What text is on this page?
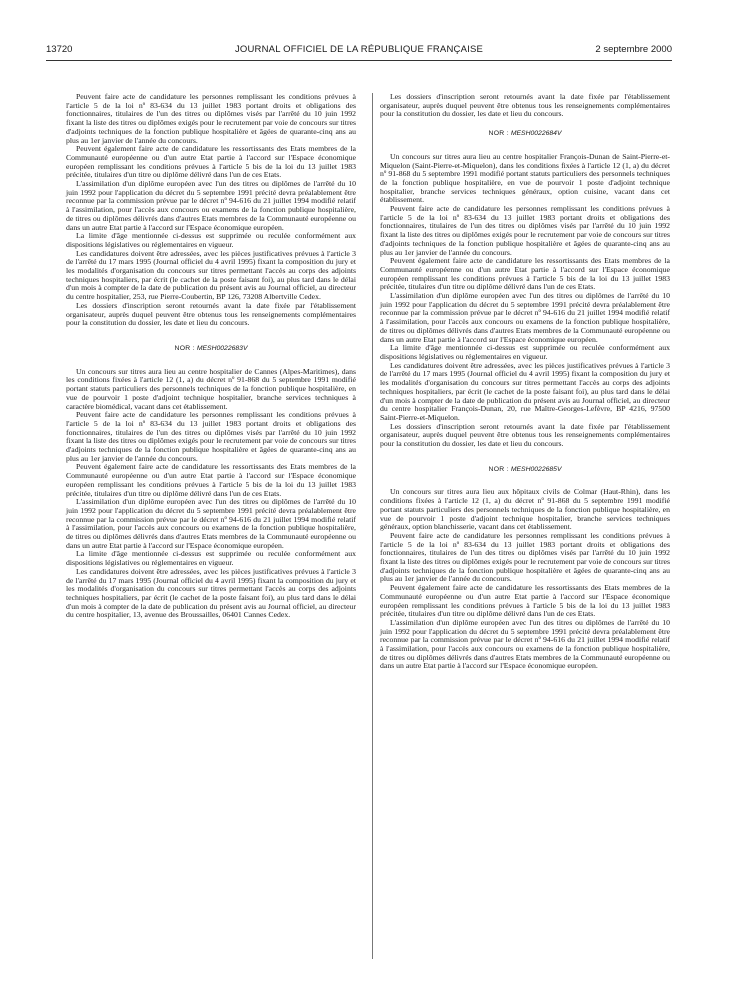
13720	JOURNAL OFFICIEL DE LA RÉPUBLIQUE FRANÇAISE	2 septembre 2000

Peuvent faire acte de candidature les personnes remplissant les conditions prévues à l'article 5 de la loi nº 83-634 du 13 juillet 1983 portant droits et obligations des fonctionnaires, titulaires de l'un des titres ou diplômes visés par l'arrêté du 10 juin 1992 fixant la liste des titres ou diplômes exigés pour le recrutement par voie de concours sur titres d'adjoints techniques de la fonction publique hospitalière et âgées de quarante-cinq ans au plus au 1er janvier de l'année du concours.

Peuvent également faire acte de candidature les ressortissants des Etats membres de la Communauté européenne ou d'un autre Etat partie à l'accord sur l'Espace économique européen remplissant les conditions prévues à l'article 5 bis de la loi du 13 juillet 1983 précitée, titulaires d'un titre ou diplôme délivré dans l'un de ces Etats.

L'assimilation d'un diplôme européen avec l'un des titres ou diplômes de l'arrêté du 10 juin 1992 pour l'application du décret du 5 septembre 1991 précité devra préalablement être reconnue par la commission prévue par le décret nº 94-616 du 21 juillet 1994 modifié relatif à l'assimilation, pour l'accès aux concours ou examens de la fonction publique hospitalière, de titres ou diplômes délivrés dans d'autres Etats membres de la Communauté européenne ou dans un autre Etat partie à l'accord sur l'Espace économique européen.

La limite d'âge mentionnée ci-dessus est supprimée ou reculée conformément aux dispositions législatives ou réglementaires en vigueur.

Les candidatures doivent être adressées, avec les pièces justificatives prévues à l'article 3 de l'arrêté du 17 mars 1995 (Journal officiel du 4 avril 1995) fixant la composition du jury et les modalités d'organisation du concours sur titres permettant l'accès au corps des adjoints techniques hospitaliers, par écrit (le cachet de la poste faisant foi), au plus tard dans le délai d'un mois à compter de la date de publication du présent avis au Journal officiel, au directeur du centre hospitalier, 253, rue Pierre-Coubertin, BP 126, 73208 Albertville Cedex.

Les dossiers d'inscription seront retournés avant la date fixée par l'établissement organisateur, auprès duquel peuvent être obtenus tous les renseignements complémentaires pour la constitution du dossier, les date et lieu du concours.

NOR : MESH0022683V

Un concours sur titres aura lieu au centre hospitalier de Cannes (Alpes-Maritimes), dans les conditions fixées à l'article 12 (1, a) du décret nº 91-868 du 5 septembre 1991 modifié portant statuts particuliers des personnels techniques de la fonction publique hospitalière, en vue de pourvoir 1 poste d'adjoint technique hospitalier, branche services techniques à caractère biomédical, vacant dans cet établissement.

Peuvent faire acte de candidature les personnes remplissant les conditions prévues à l'article 5 de la loi nº 83-634 du 13 juillet 1983 portant droits et obligations des fonctionnaires, titulaires de l'un des titres ou diplômes visés par l'arrêté du 10 juin 1992 fixant la liste des titres ou diplômes exigés pour le recrutement par voie de concours sur titres d'adjoints techniques de la fonction publique hospitalière et âgées de quarante-cinq ans au plus au 1er janvier de l'année du concours.

Peuvent également faire acte de candidature les ressortissants des Etats membres de la Communauté européenne ou d'un autre Etat partie à l'accord sur l'Espace économique européen remplissant les conditions prévues à l'article 5 bis de la loi du 13 juillet 1983 précitée, titulaires d'un titre ou diplôme délivré dans l'un de ces Etats.

L'assimilation d'un diplôme européen avec l'un des titres ou diplômes de l'arrêté du 10 juin 1992 pour l'application du décret du 5 septembre 1991 précité devra préalablement être reconnue par la commission prévue par le décret nº 94-616 du 21 juillet 1994 modifié relatif à l'assimilation, pour l'accès aux concours ou examens de la fonction publique hospitalière, de titres ou diplômes délivrés dans d'autres Etats membres de la Communauté européenne ou dans un autre Etat partie à l'accord sur l'Espace économique européen.

La limite d'âge mentionnée ci-dessus est supprimée ou reculée conformément aux dispositions législatives ou réglementaires en vigueur.

Les candidatures doivent être adressées, avec les pièces justificatives prévues à l'article 3 de l'arrêté du 17 mars 1995 (Journal officiel du 4 avril 1995) fixant la composition du jury et les modalités d'organisation du concours sur titres permettant l'accès au corps des adjoints techniques hospitaliers, par écrit (le cachet de la poste faisant foi), au plus tard dans le délai d'un mois à compter de la date de publication du présent avis au Journal officiel, au directeur du centre hospitalier, 13, avenue des Broussailles, 06401 Cannes Cedex.

Les dossiers d'inscription seront retournés avant la date fixée par l'établissement organisateur, auprès duquel peuvent être obtenus tous les renseignements complémentaires pour la constitution du dossier, les date et lieu du concours.

NOR : MESH0022684V

Un concours sur titres aura lieu au centre hospitalier François-Dunan de Saint-Pierre-et-Miquelon (Saint-Pierre-et-Miquelon), dans les conditions fixées à l'article 12 (1, a) du décret nº 91-868 du 5 septembre 1991 modifié portant statuts particuliers des personnels techniques de la fonction publique hospitalière, en vue de pourvoir 1 poste d'adjoint technique hospitalier, branche services techniques généraux, option cuisine, vacant dans cet établissement.

Peuvent faire acte de candidature les personnes remplissant les conditions prévues à l'article 5 de la loi nº 83-634 du 13 juillet 1983 portant droits et obligations des fonctionnaires, titulaires de l'un des titres ou diplômes visés par l'arrêté du 10 juin 1992 fixant la liste des titres ou diplômes exigés pour le recrutement par voie de concours sur titres d'adjoints techniques de la fonction publique hospitalière et âgées de quarante-cinq ans au plus au 1er janvier de l'année du concours.

Peuvent également faire acte de candidature les ressortissants des Etats membres de la Communauté européenne ou d'un autre Etat partie à l'accord sur l'Espace économique européen remplissant les conditions prévues à l'article 5 bis de la loi du 13 juillet 1983 précitée, titulaires d'un titre ou diplôme délivré dans l'un de ces Etats.

L'assimilation d'un diplôme européen avec l'un des titres ou diplômes de l'arrêté du 10 juin 1992 pour l'application du décret du 5 septembre 1991 précité devra préalablement être reconnue par la commission prévue par le décret nº 94-616 du 21 juillet 1994 modifié relatif à l'assimilation, pour l'accès aux concours ou examens de la fonction publique hospitalière, de titres ou diplômes délivrés dans d'autres Etats membres de la Communauté européenne ou dans un autre Etat partie à l'accord sur l'Espace économique européen.

La limite d'âge mentionnée ci-dessus est supprimée ou reculée conformément aux dispositions législatives ou réglementaires en vigueur.

Les candidatures doivent être adressées, avec les pièces justificatives prévues à l'article 3 de l'arrêté du 17 mars 1995 (Journal officiel du 4 avril 1995) fixant la composition du jury et les modalités d'organisation du concours sur titres permettant l'accès au corps des adjoints techniques hospitaliers, par écrit (le cachet de la poste faisant foi), au plus tard dans le délai d'un mois à compter de la date de publication du présent avis au Journal officiel, au directeur du centre hospitalier François-Dunan, 20, rue Maître-Georges-Lefèvre, BP 4216, 97500 Saint-Pierre-et-Miquelon.

Les dossiers d'inscription seront retournés avant la date fixée par l'établissement organisateur, auprès duquel peuvent être obtenus tous les renseignements complémentaires pour la constitution du dossier, les date et lieu du concours.

NOR : MESH0022685V

Un concours sur titres aura lieu aux hôpitaux civils de Colmar (Haut-Rhin), dans les conditions fixées à l'article 12 (1, a) du décret nº 91-868 du 5 septembre 1991 modifié portant statuts particuliers des personnels techniques de la fonction publique hospitalière, en vue de pourvoir 1 poste d'adjoint technique hospitalier, branche services techniques généraux, option blanchisserie, vacant dans cet établissement.

Peuvent faire acte de candidature les personnes remplissant les conditions prévues à l'article 5 de la loi nº 83-634 du 13 juillet 1983 portant droits et obligations des fonctionnaires, titulaires de l'un des titres ou diplômes visés par l'arrêté du 10 juin 1992 fixant la liste des titres ou diplômes exigés pour le recrutement par voie de concours sur titres d'adjoints techniques de la fonction publique hospitalière et âgées de quarante-cinq ans au plus au 1er janvier de l'année du concours.

Peuvent également faire acte de candidature les ressortissants des Etats membres de la Communauté européenne ou d'un autre Etat partie à l'accord sur l'Espace économique européen remplissant les conditions prévues à l'article 5 bis de la loi du 13 juillet 1983 précitée, titulaires d'un titre ou diplôme délivré dans l'un de ces Etats.

L'assimilation d'un diplôme européen avec l'un des titres ou diplômes de l'arrêté du 10 juin 1992 pour l'application du décret du 5 septembre 1991 précité devra préalablement être reconnue par la commission prévue par le décret nº 94-616 du 21 juillet 1994 modifié relatif à l'assimilation, pour l'accès aux concours ou examens de la fonction publique hospitalière, de titres ou diplômes délivrés dans d'autres Etats membres de la Communauté européenne ou dans un autre Etat partie à l'accord sur l'Espace économique européen.
